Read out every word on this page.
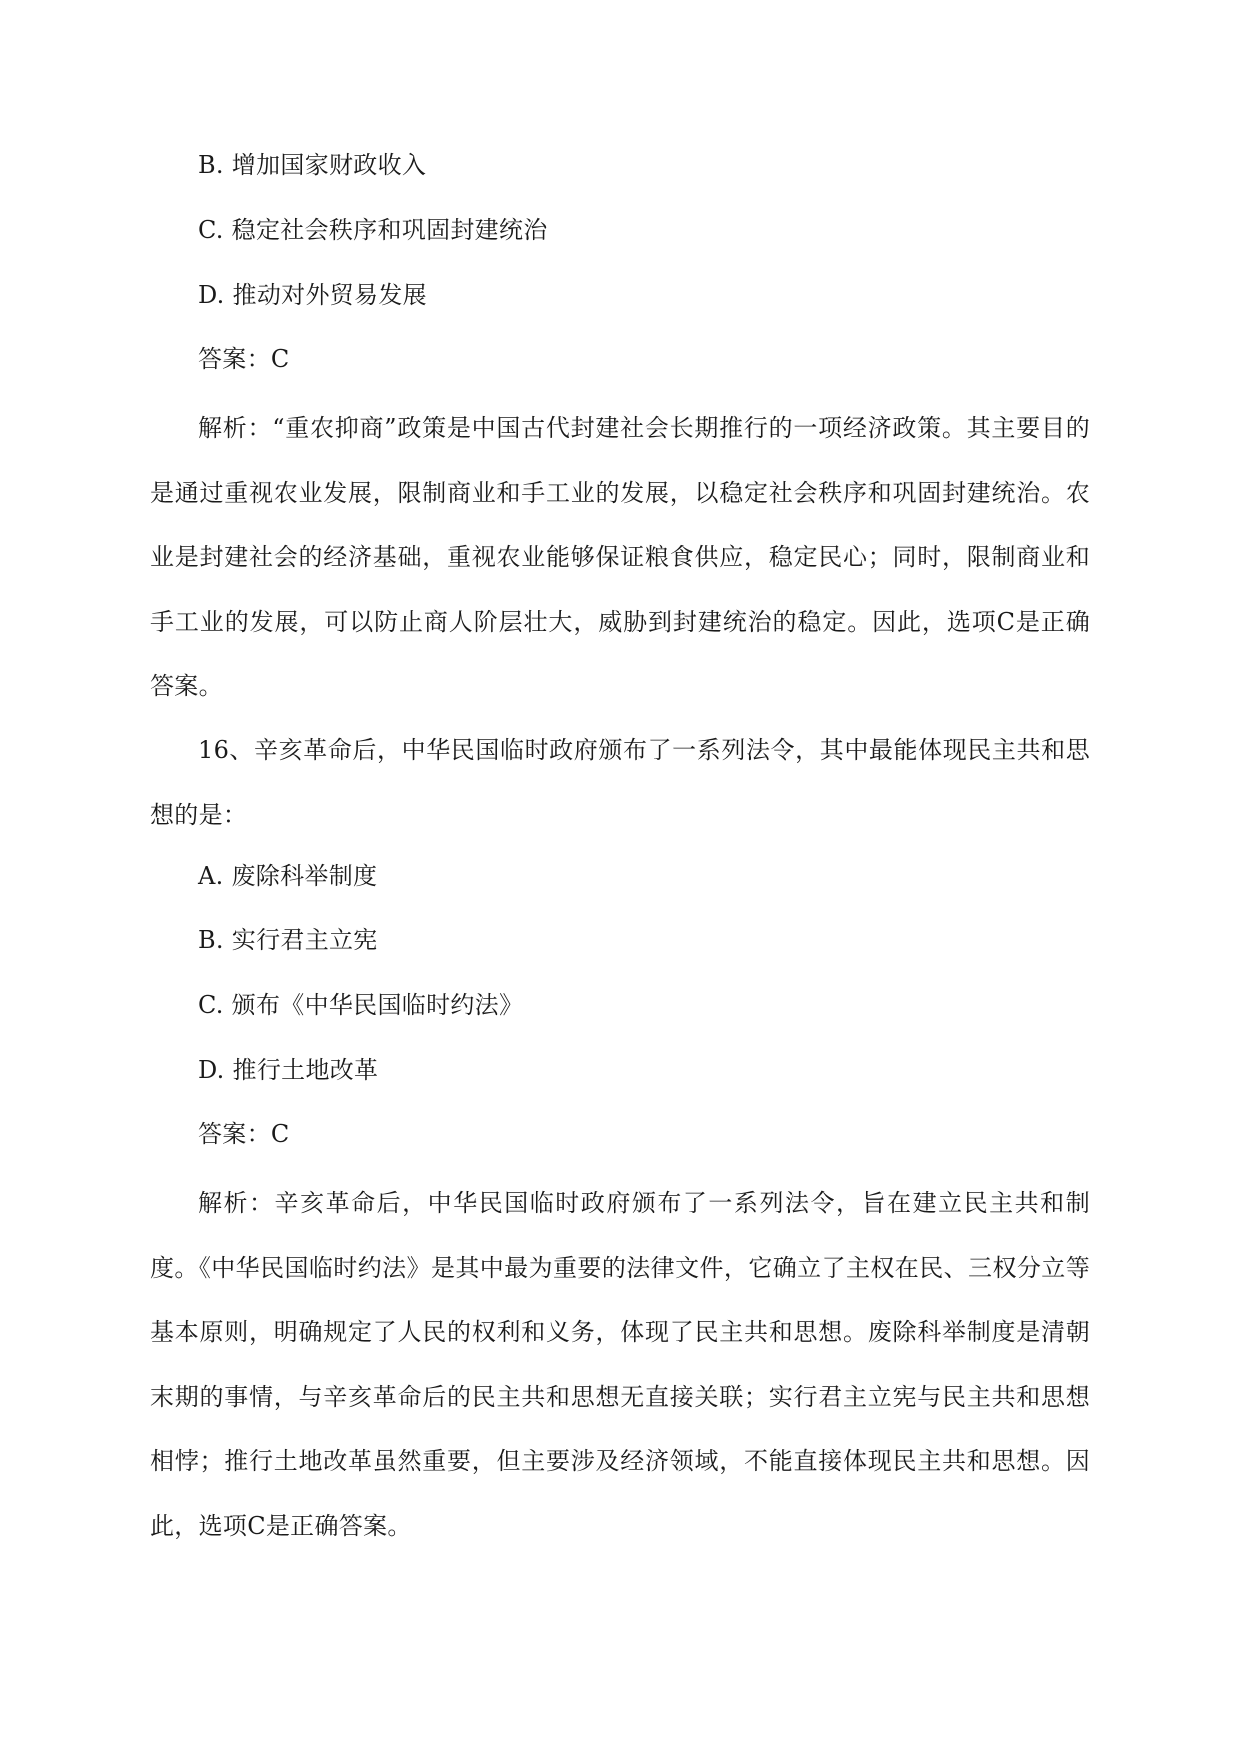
B. 增加国家财政收入
C. 稳定社会秩序和巩固封建统治
D. 推动对外贸易发展
答案：C

解析：“重农抑商”政策是中国古代封建社会长期推行的一项经济政策。其主要目的是通过重视农业发展，限制商业和手工业的发展，以稳定社会秩序和巩固封建统治。农业是封建社会的经济基础，重视农业能够保证粮食供应，稳定民心；同时，限制商业和手工业的发展，可以防止商人阶层壮大，威胁到封建统治的稳定。因此，选项C是正确答案。

16、辛亥革命后，中华民国临时政府颁布了一系列法令，其中最能体现民主共和思想的是：

A. 废除科举制度
B. 实行君主立宪
C. 颁布《中华民国临时约法》
D. 推行土地改革
答案：C

解析：辛亥革命后，中华民国临时政府颁布了一系列法令，旨在建立民主共和制度。《中华民国临时约法》是其中最为重要的法律文件，它确立了主权在民、三权分立等基本原则，明确规定了人民的权利和义务，体现了民主共和思想。废除科举制度是清朝末期的事情，与辛亥革命后的民主共和思想无直接关联；实行君主立宪与民主共和思想相悖；推行土地改革虽然重要，但主要涉及经济领域，不能直接体现民主共和思想。因此，选项C是正确答案。
